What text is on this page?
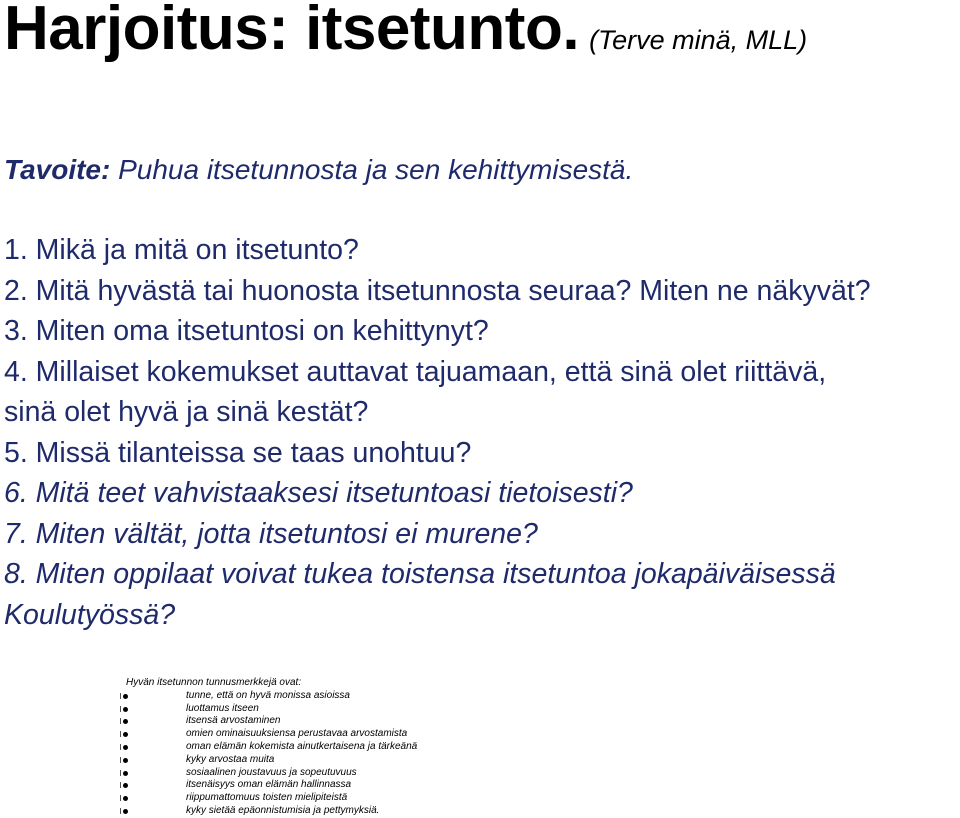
Harjoitus: itsetunto. (Terve minä, MLL)
Tavoite: Puhua itsetunnosta ja sen kehittymisestä.
1. Mikä ja mitä on itsetunto?
2. Mitä hyvästä tai huonosta itsetunnosta seuraa? Miten ne näkyvät?
3. Miten oma itsetuntosi on kehittynyt?
4. Millaiset kokemukset auttavat tajuamaan, että sinä olet riittävä,
sinä olet hyvä ja sinä kestät?
5. Missä tilanteissa se taas unohtuu?
6. Mitä teet vahvistaaksesi itsetuntoasi tietoisesti?
7. Miten vältät, jotta itsetuntosi ei murene?
8. Miten oppilaat voivat tukea toistensa itsetuntoa jokapäiväisessä
Koulutyössä?
Hyvän itsetunnon tunnusmerkkejä ovat:
tunne, että on hyvä monissa asioissa
luottamus itseen
itsensä arvostaminen
omien ominaisuuksiensa perustavaa arvostamista
oman elämän kokemista ainutkertaisena ja tärkeänä
kyky arvostaa muita
sosiaalinen joustavuus ja sopeutuvuus
itsenäisyys oman elämän hallinnassa
riippumattomuus toisten mielipiteistä
kyky sietää epäonnistumisia ja pettymyksiä.
